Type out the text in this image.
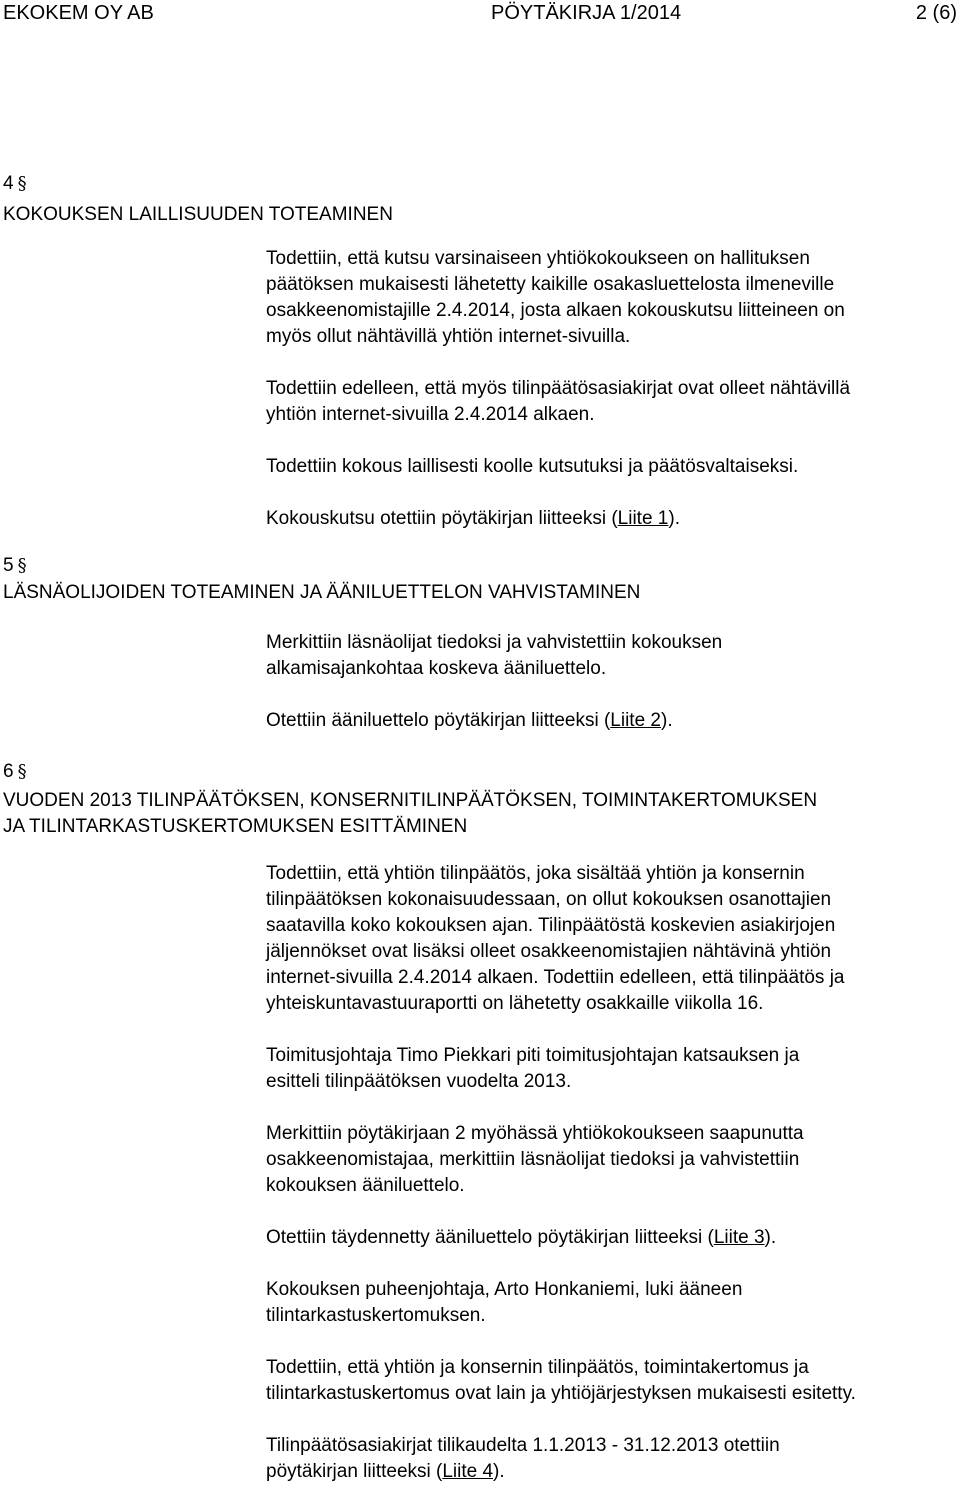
EKOKEM OY AB	PÖYTÄKIRJA 1/2014	2 (6)
4 §
KOKOUKSEN LAILLISUUDEN TOTEAMINEN
Todettiin, että kutsu varsinaiseen yhtiökokoukseen on hallituksen
päätöksen mukaisesti lähetetty kaikille osakasluettelosta ilmeneville
osakkeenomistajille 2.4.2014, josta alkaen kokouskutsu liitteineen on
myös ollut nähtävillä yhtiön internet-sivuilla.
Todettiin edelleen, että myös tilinpäätösasiakirjat ovat olleet nähtävillä
yhtiön internet-sivuilla 2.4.2014 alkaen.
Todettiin kokous laillisesti koolle kutsutuksi ja päätösvaltaiseksi.
Kokouskutsu otettiin pöytäkirjan liitteeksi (Liite 1).
5 §
LÄSNÄOLIJOIDEN TOTEAMINEN JA ÄÄNILUETTELON VAHVISTAMINEN
Merkittiin läsnäolijat tiedoksi ja vahvistettiin kokouksen
alkamisajankohtaa koskeva ääniluettelo.
Otettiin ääniluettelo pöytäkirjan liitteeksi (Liite 2).
6 §
VUODEN 2013 TILINPÄÄTÖKSEN, KONSERNITILINPÄÄTÖKSEN, TOIMINTAKERTOMUKSEN
JA TILINTARKASTUSKERTOMUKSEN ESITTÄMINEN
Todettiin, että yhtiön tilinpäätös, joka sisältää yhtiön ja konsernin
tilinpäätöksen kokonaisuudessaan, on ollut kokouksen osanottajien
saatavilla koko kokouksen ajan. Tilinpäätöstä koskevien asiakirjojen
jäljennökset ovat lisäksi olleet osakkeenomistajien nähtävinä yhtiön
internet-sivuilla 2.4.2014 alkaen. Todettiin edelleen, että tilinpäätös ja
yhteiskuntavastuuraportti on lähetetty osakkaille viikolla 16.
Toimitusjohtaja Timo Piekkari piti toimitusjohtajan katsauksen ja
esitteli tilinpäätöksen vuodelta 2013.
Merkittiin pöytäkirjaan 2 myöhässä yhtiökokoukseen saapunutta
osakkeenomistajaa, merkittiin läsnäolijat tiedoksi ja vahvistettiin
kokouksen ääniluettelo.
Otettiin täydennetty ääniluettelo pöytäkirjan liitteeksi (Liite 3).
Kokouksen puheenjohtaja, Arto Honkaniemi, luki ääneen
tilintarkastuskertomuksen.
Todettiin, että yhtiön ja konsernin tilinpäätös, toimintakertomus ja
tilintarkastuskertomus ovat lain ja yhtiöjärjestyksen mukaisesti esitetty.
Tilinpäätösasiakirjat tilikaudelta 1.1.2013 - 31.12.2013 otettiin
pöytäkirjan liitteeksi (Liite 4).
